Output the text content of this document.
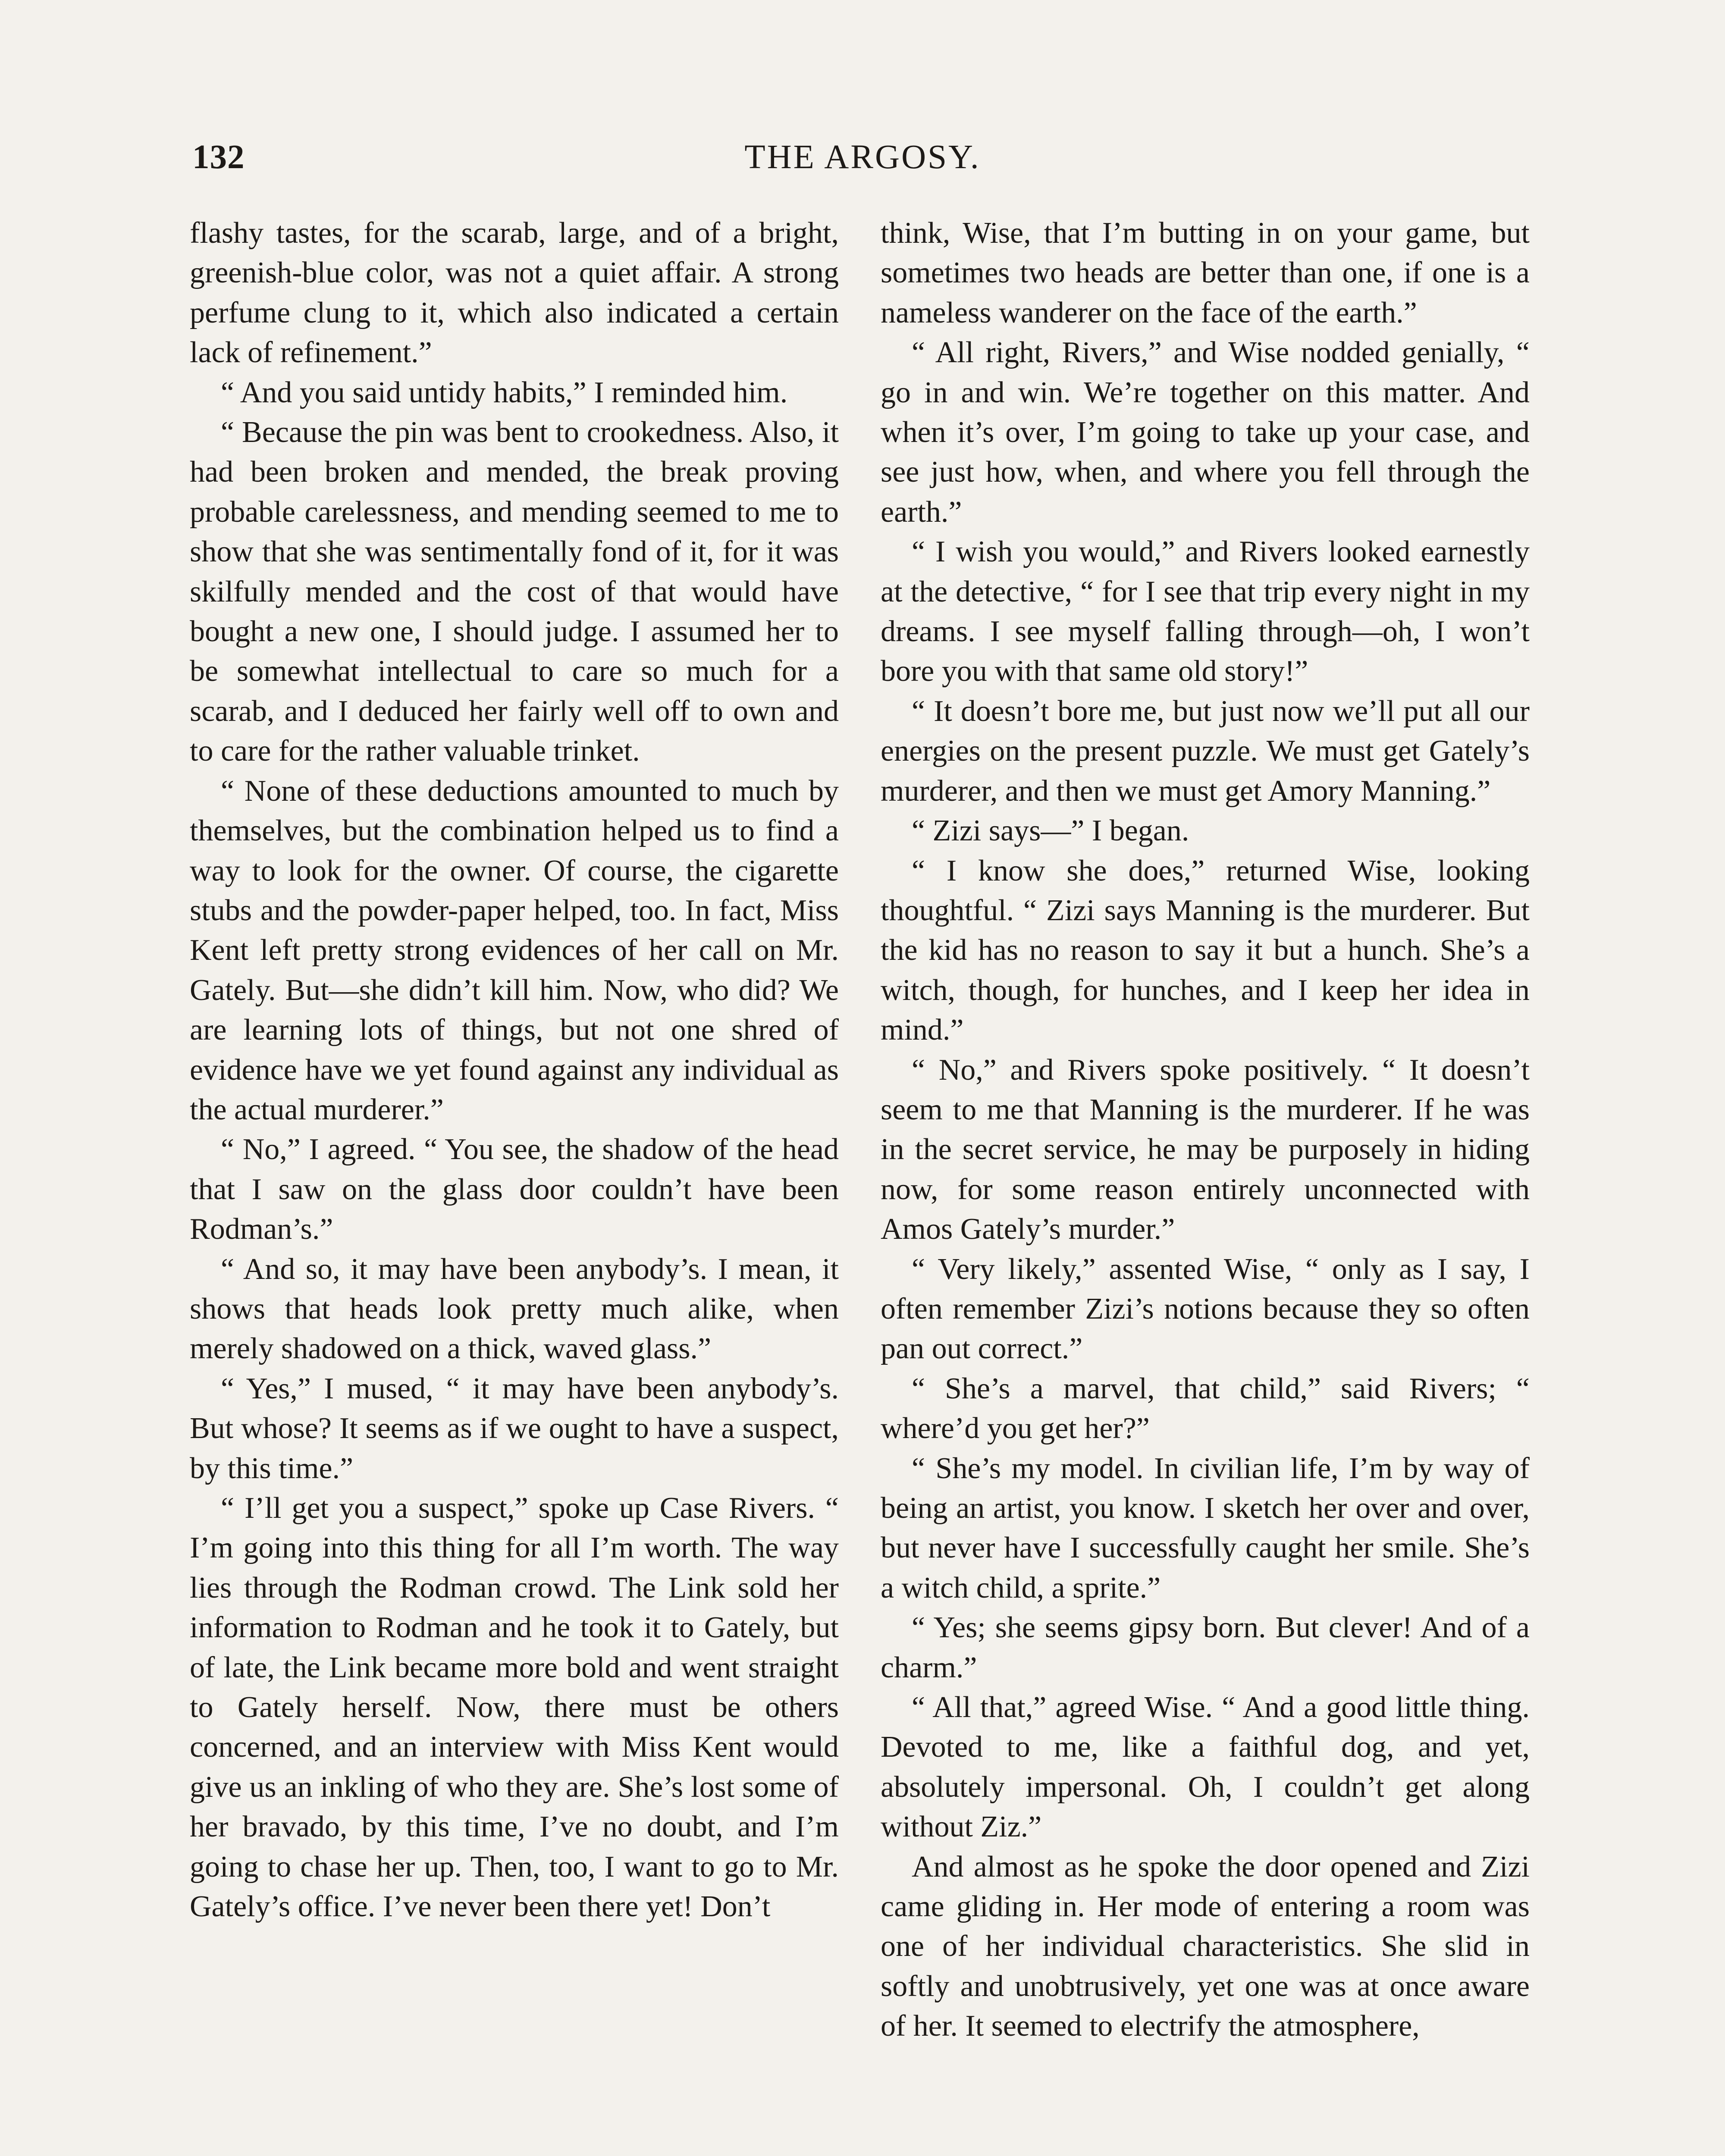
132	THE ARGOSY.

flashy tastes, for the scarab, large, and of a bright, greenish-blue color, was not a quiet affair. A strong perfume clung to it, which also indicated a certain lack of refinement.”

“ And you said untidy habits,” I reminded him.

“ Because the pin was bent to crookedness. Also, it had been broken and mended, the break proving probable carelessness, and mending seemed to me to show that she was sentimentally fond of it, for it was skilfully mended and the cost of that would have bought a new one, I should judge. I assumed her to be somewhat intellectual to care so much for a scarab, and I deduced her fairly well off to own and to care for the rather valuable trinket.

“ None of these deductions amounted to much by themselves, but the combination helped us to find a way to look for the owner. Of course, the cigarette stubs and the powder-paper helped, too. In fact, Miss Kent left pretty strong evidences of her call on Mr. Gately. But—she didn’t kill him. Now, who did? We are learning lots of things, but not one shred of evidence have we yet found against any individual as the actual murderer.”

“ No,” I agreed. “ You see, the shadow of the head that I saw on the glass door couldn’t have been Rodman’s.”

“ And so, it may have been anybody’s. I mean, it shows that heads look pretty much alike, when merely shadowed on a thick, waved glass.”

“ Yes,” I mused, “ it may have been anybody’s. But whose? It seems as if we ought to have a suspect, by this time.”

“ I’ll get you a suspect,” spoke up Case Rivers. “ I’m going into this thing for all I’m worth. The way lies through the Rodman crowd. The Link sold her information to Rodman and he took it to Gately, but of late, the Link became more bold and went straight to Gately herself. Now, there must be others concerned, and an interview with Miss Kent would give us an inkling of who they are. She’s lost some of her bravado, by this time, I’ve no doubt, and I’m going to chase her up. Then, too, I want to go to Mr. Gately’s office. I’ve never been there yet! Don’t

think, Wise, that I’m butting in on your game, but sometimes two heads are better than one, if one is a nameless wanderer on the face of the earth.”

“ All right, Rivers,” and Wise nodded genially, “ go in and win. We’re together on this matter. And when it’s over, I’m going to take up your case, and see just how, when, and where you fell through the earth.”

“ I wish you would,” and Rivers looked earnestly at the detective, “ for I see that trip every night in my dreams. I see myself falling through—oh, I won’t bore you with that same old story!”

“ It doesn’t bore me, but just now we’ll put all our energies on the present puzzle. We must get Gately’s murderer, and then we must get Amory Manning.”

“ Zizi says—” I began.

“ I know she does,” returned Wise, looking thoughtful. “ Zizi says Manning is the murderer. But the kid has no reason to say it but a hunch. She’s a witch, though, for hunches, and I keep her idea in mind.”

“ No,” and Rivers spoke positively. “ It doesn’t seem to me that Manning is the murderer. If he was in the secret service, he may be purposely in hiding now, for some reason entirely unconnected with Amos Gately’s murder.”

“ Very likely,” assented Wise, “ only as I say, I often remember Zizi’s notions because they so often pan out correct.”

“ She’s a marvel, that child,” said Rivers; “ where’d you get her?”

“ She’s my model. In civilian life, I’m by way of being an artist, you know. I sketch her over and over, but never have I successfully caught her smile. She’s a witch child, a sprite.”

“ Yes; she seems gipsy born. But clever! And of a charm.”

“ All that,” agreed Wise. “ And a good little thing. Devoted to me, like a faithful dog, and yet, absolutely impersonal. Oh, I couldn’t get along without Ziz.”

And almost as he spoke the door opened and Zizi came gliding in. Her mode of entering a room was one of her individual characteristics. She slid in softly and unobtrusively, yet one was at once aware of her. It seemed to electrify the atmosphere,
